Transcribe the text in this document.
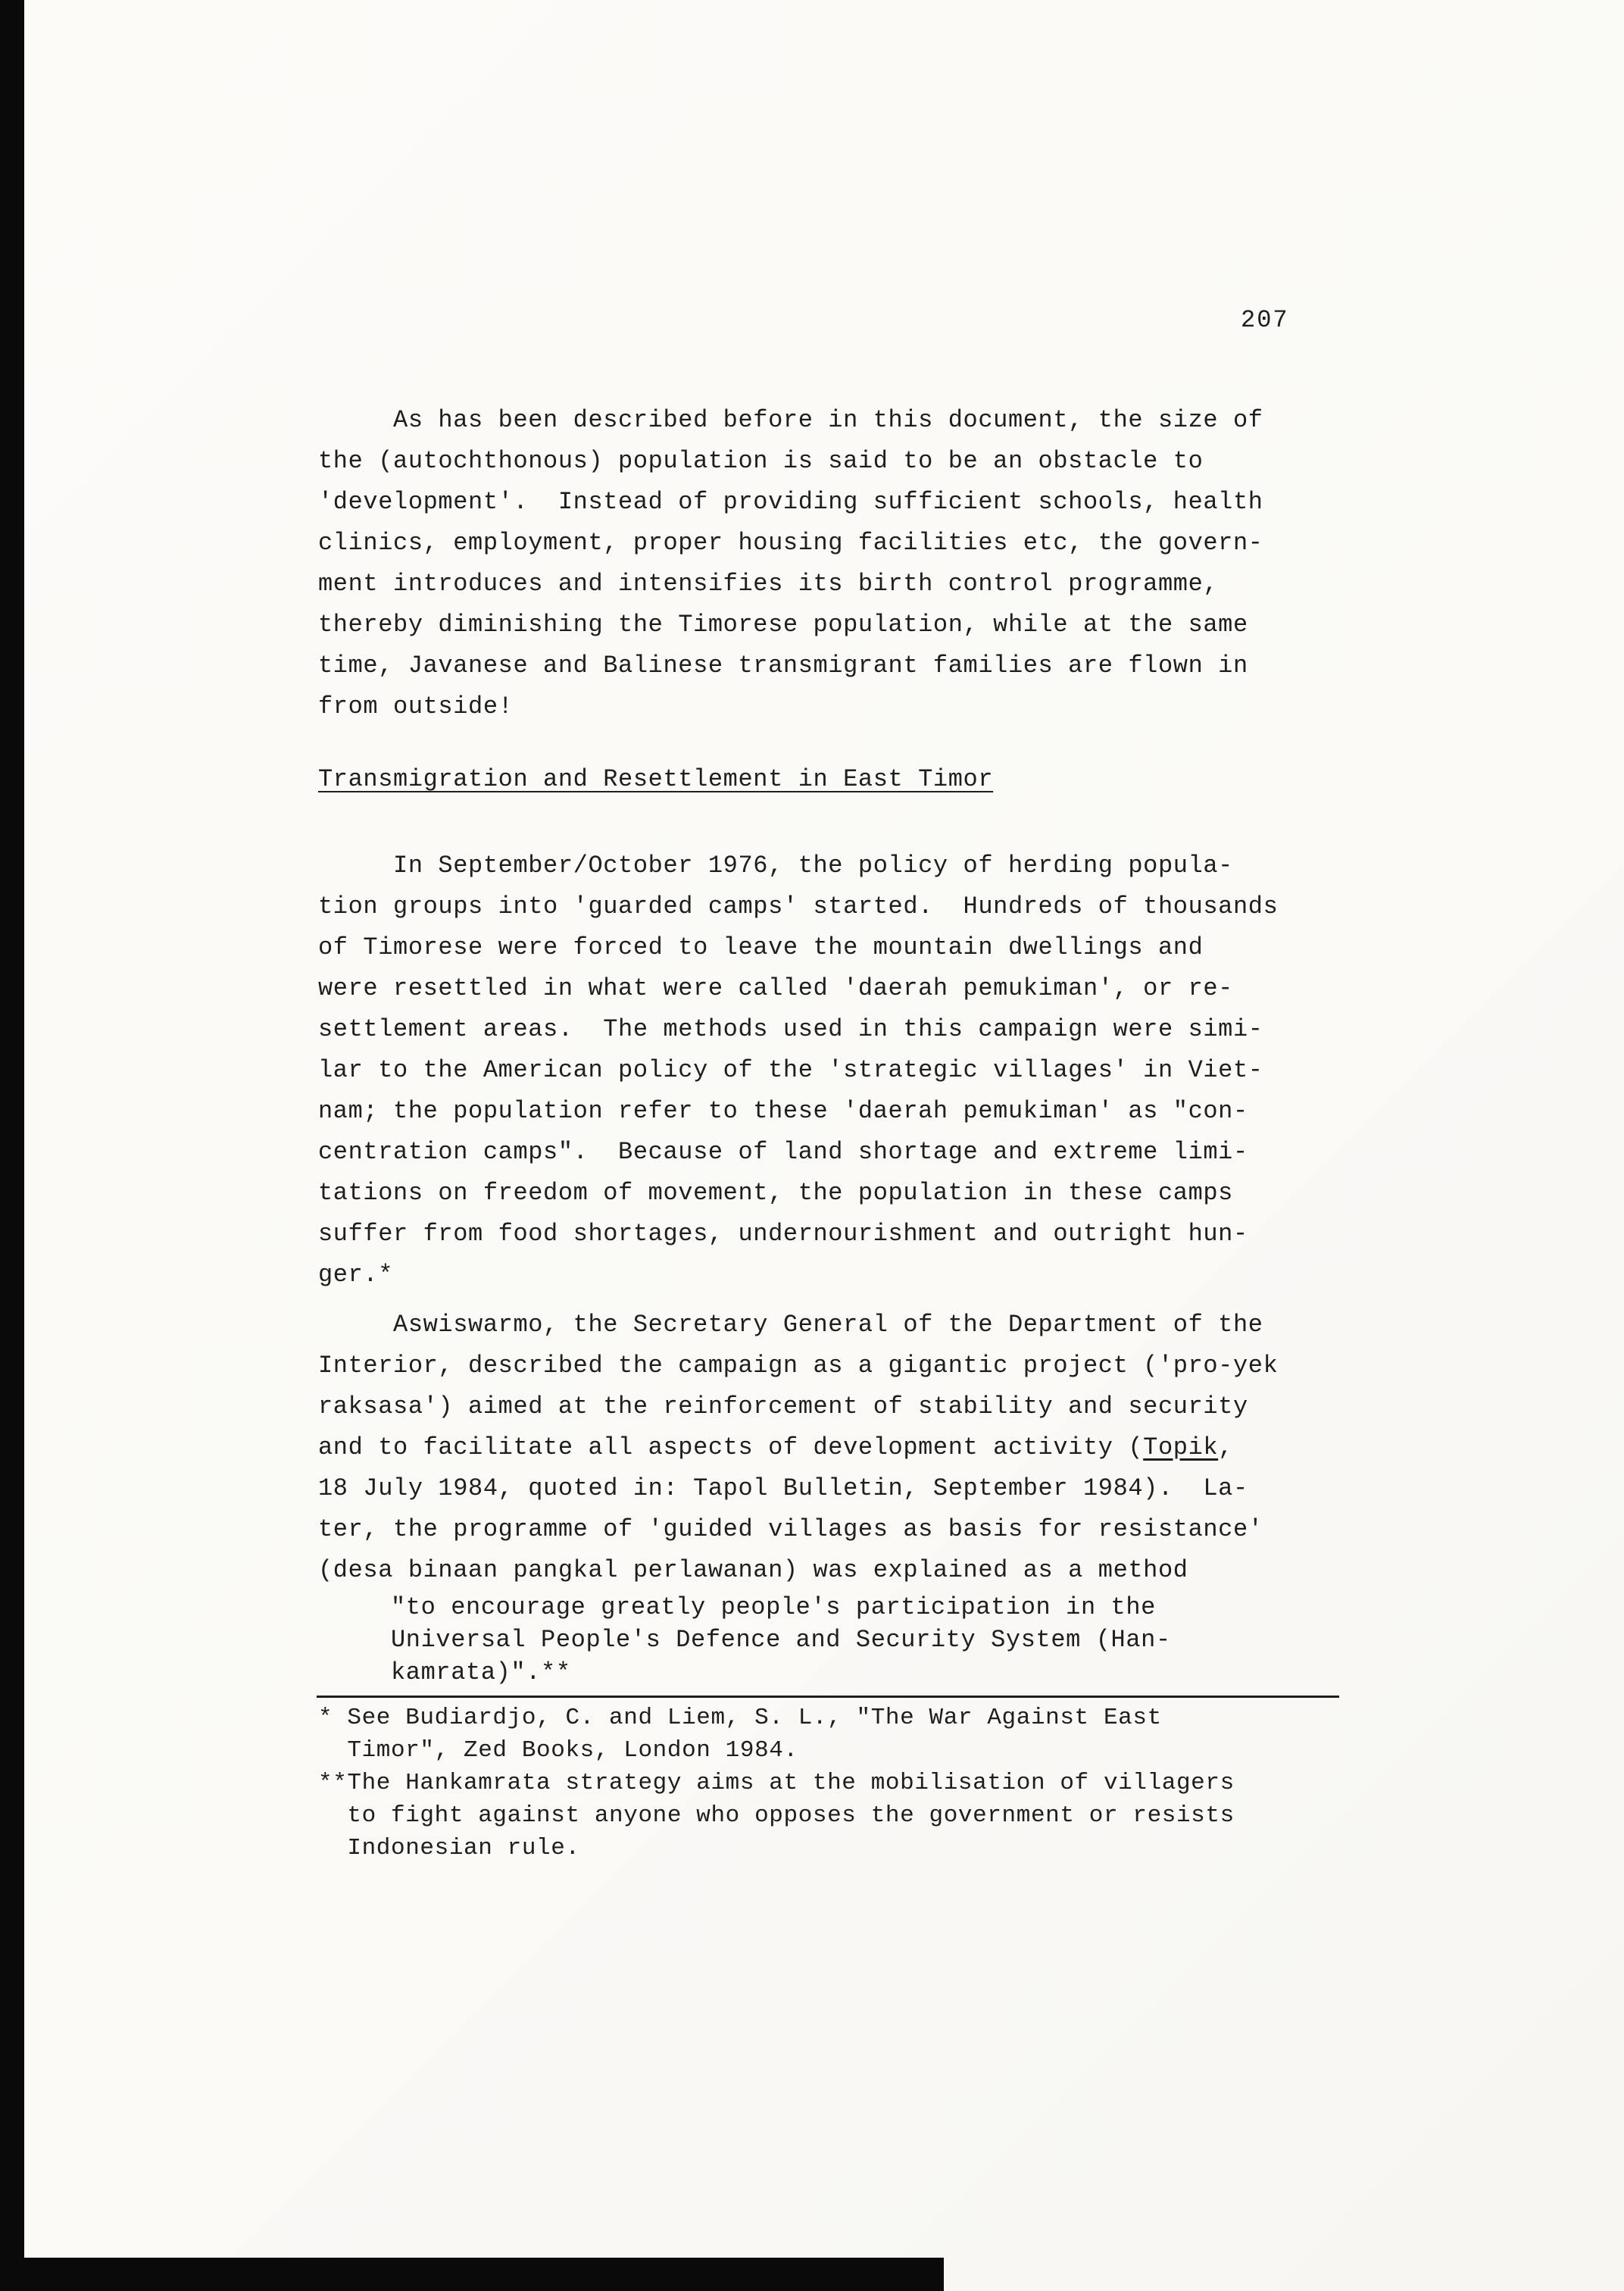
207
As has been described before in this document, the size of
the (autochthonous) population is said to be an obstacle to
'development'.  Instead of providing sufficient schools, health
clinics, employment, proper housing facilities etc, the govern-
ment introduces and intensifies its birth control programme,
thereby diminishing the Timorese population, while at the same
time, Javanese and Balinese transmigrant families are flown in
from outside!
Transmigration and Resettlement in East Timor
In September/October 1976, the policy of herding popula-
tion groups into 'guarded camps' started.  Hundreds of thousands
of Timorese were forced to leave the mountain dwellings and
were resettled in what were called 'daerah pemukiman', or re-
settlement areas.  The methods used in this campaign were simi-
lar to the American policy of the 'strategic villages' in Viet-
nam; the population refer to these 'daerah pemukiman' as "con-
centration camps".  Because of land shortage and extreme limi-
tations on freedom of movement, the population in these camps
suffer from food shortages, undernourishment and outright hun-
ger.*
Aswiswarmo, the Secretary General of the Department of the
Interior, described the campaign as a gigantic project ('pro-yek
raksasa') aimed at the reinforcement of stability and security
and to facilitate all aspects of development activity (Topik,
18 July 1984, quoted in: Tapol Bulletin, September 1984).  La-
ter, the programme of 'guided villages as basis for resistance'
(desa binaan pangkal perlawanan) was explained as a method
"to encourage greatly people's participation in the
Universal People's Defence and Security System (Han-
kamrata)".**
* See Budiardjo, C. and Liem, S. L., "The War Against East
Timor", Zed Books, London 1984.
**The Hankamrata strategy aims at the mobilisation of villagers
to fight against anyone who opposes the government or resists
Indonesian rule.
